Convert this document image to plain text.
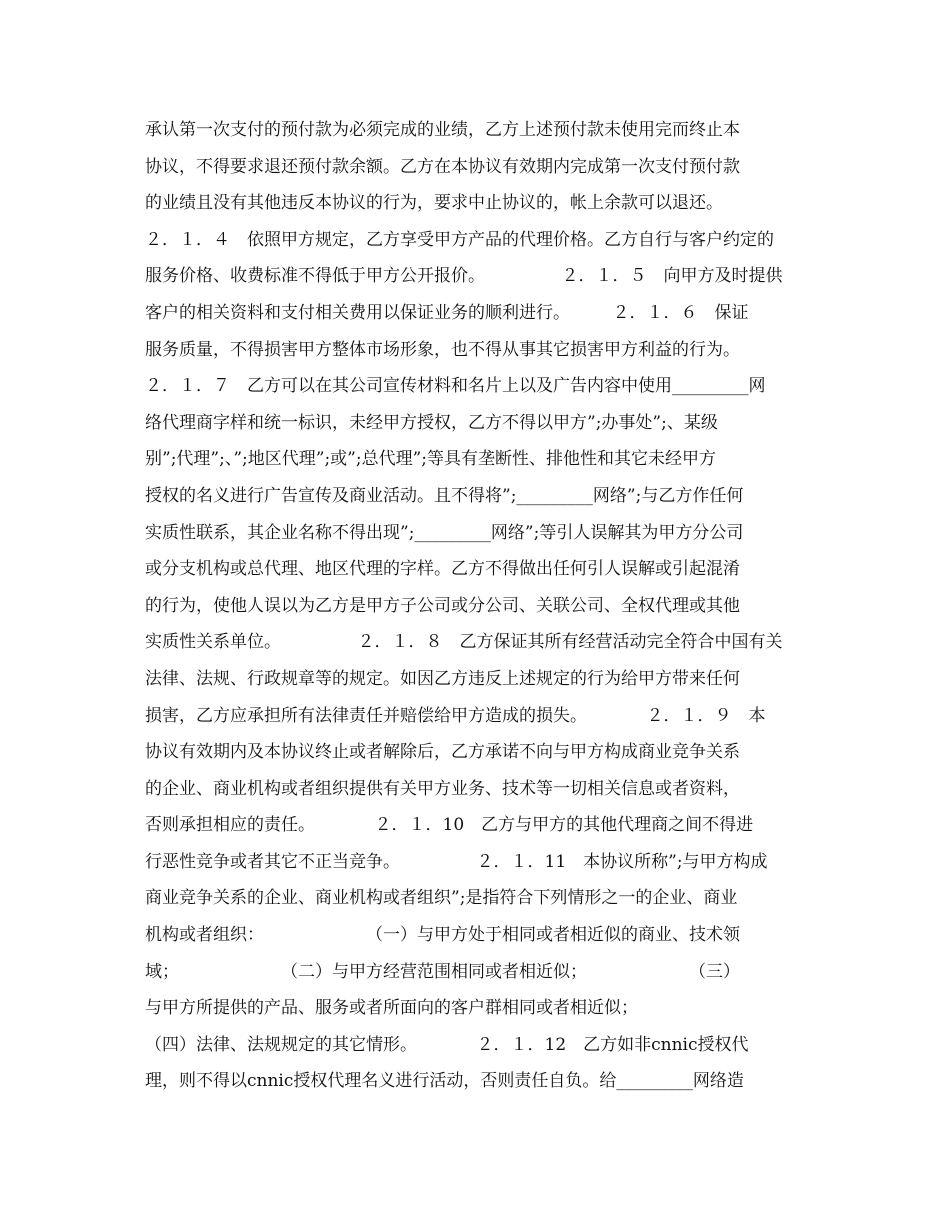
承认第一次支付的预付款为必须完成的业绩，乙方上述预付款未使用完而终止本
协议，不得要求退还预付款余额。乙方在本协议有效期内完成第一次支付预付款
的业绩且没有其他违反本协议的行为，要求中止协议的，帐上余款可以退还。
２．１．４　依照甲方规定，乙方享受甲方产品的代理价格。乙方自行与客户约定的
服务价格、收费标准不得低于甲方公开报价。　　　　　２．１．５　向甲方及时提供
客户的相关资料和支付相关费用以保证业务的顺利进行。　　　２．１．６　保证
服务质量，不得损害甲方整体市场形象，也不得从事其它损害甲方利益的行为。
２．１．７　乙方可以在其公司宣传材料和名片上以及广告内容中使用_________网
络代理商字样和统一标识，未经甲方授权，乙方不得以甲方”;办事处”;、某级
别”;代理”;、”;地区代理”;或”;总代理”;等具有垄断性、排他性和其它未经甲方
授权的名义进行广告宣传及商业活动。且不得将”;_________网络”;与乙方作任何
实质性联系，其企业名称不得出现”;_________网络”;等引人误解其为甲方分公司
或分支机构或总代理、地区代理的字样。乙方不得做出任何引人误解或引起混淆
的行为，使他人误以为乙方是甲方子公司或分公司、关联公司、全权代理或其他
实质性关系单位。　　　　　２．１．８　乙方保证其所有经营活动完全符合中国有关
法律、法规、行政规章等的规定。如因乙方违反上述规定的行为给甲方带来任何
损害，乙方应承担所有法律责任并赔偿给甲方造成的损失。　　　　２．１．９　本
协议有效期内及本协议终止或者解除后，乙方承诺不向与甲方构成商业竞争关系
的企业、商业机构或者组织提供有关甲方业务、技术等一切相关信息或者资料，
否则承担相应的责任。　　　　２．１．10　乙方与甲方的其他代理商之间不得进
行恶性竞争或者其它不正当竞争。　　　　　２．１．11　本协议所称”;与甲方构成
商业竞争关系的企业、商业机构或者组织”;是指符合下列情形之一的企业、商业
机构或者组织：　　　　　　　（一）与甲方处于相同或者相近似的商业、技术领
域；　　　　　　　（二）与甲方经营范围相同或者相近似；　　　　　　　（三）
与甲方所提供的产品、服务或者所面向的客户群相同或者相近似；
（四）法律、法规规定的其它情形。　　　　２．１．12　乙方如非cnnic授权代
理，则不得以cnnic授权代理名义进行活动，否则责任自负。给_________网络造
